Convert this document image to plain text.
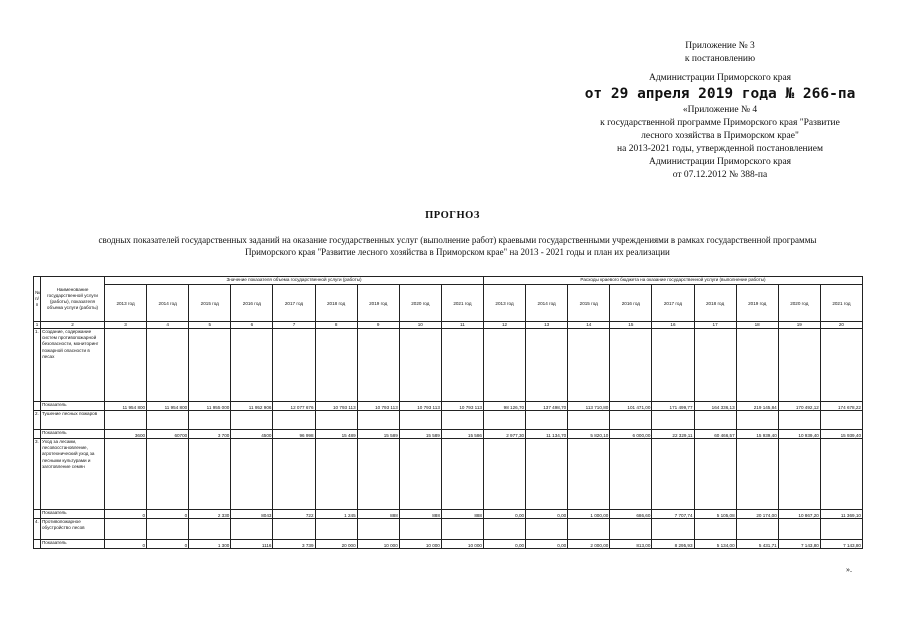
Приложение № 3
к постановлению
Администрации Приморского края
от 29 апреля 2019 года № 266-па
«Приложение № 4
к государственной программе Приморского края "Развитие
лесного хозяйства в Приморском крае"
на 2013-2021 годы, утвержденной постановлением
Администрации Приморского края
от 07.12.2012 № 388-па
ПРОГНОЗ
сводных показателей государственных заданий на оказание государственных услуг (выполнение работ) краевыми государственными учреждениями в рамках государственной программы
Приморского края "Развитие лесного хозяйства в Приморском крае" на 2013 - 2021 годы и план их реализации
№ п/п	Наименование государственной услуги (работы), показателя объема услуги (работы)	Значение показателя объема государственной услуги (работы)									Расходы краевого бюджета на оказание государственной услуги (выполнение работы)								
		2013 год	2014 год	2015 год	2016 год	2017 год	2018 год	2019 год	2020 год	2021 год	2013 год	2014 год	2015 год	2016 год	2017 год	2018 год	2019 год	2020 год	2021 год
1	2	3	4	5	6	7	8	9	10	11	12	13	14	15	16	17	18	19	20
1.	Создание, содержание систем противопожарной безопасности, мониторинг пожарной опасности в лесах																		
	Показатель	11 954 800	11 954 800	11 955 000	11 952 906	12 077 676	10 793 113	10 793 113	10 793 113	10 793 113	98 126,70	137 498,70	113 710,80	101 471,00	171 499,77	164 336,13	219 145,84	170 492,12	174 678,22
2.	Тушение лесных пожаров																		
	Показатель	3600	60700	3 700	4500	96 998	15 489	15 589	15 589	15 586	2 977,30	11 134,70	5 820,10	6 000,00	22 329,11	60 466,57	15 939,40	10 939,40	15 939,40
3.	Уход за лесами, лесовосстановление, агротехнический уход за лесными культурами и заготовление семян																		
	Показатель	0	0	2 330	8043	722	1 245	888	888	888	0,00	0,00	1 000,00	686,60	7 707,74	5 105,08	20 174,00	10 867,20	11 369,10
4.	Противопожарное обустройство лесов																		
	Показатель	0	0	1 300	1116	3 739	20 000	10 000	10 000	10 000	0,00	0,00	2 000,00	813,00	8 295,93	5 134,00	5 431,71	7 143,80	7 143,80
».
